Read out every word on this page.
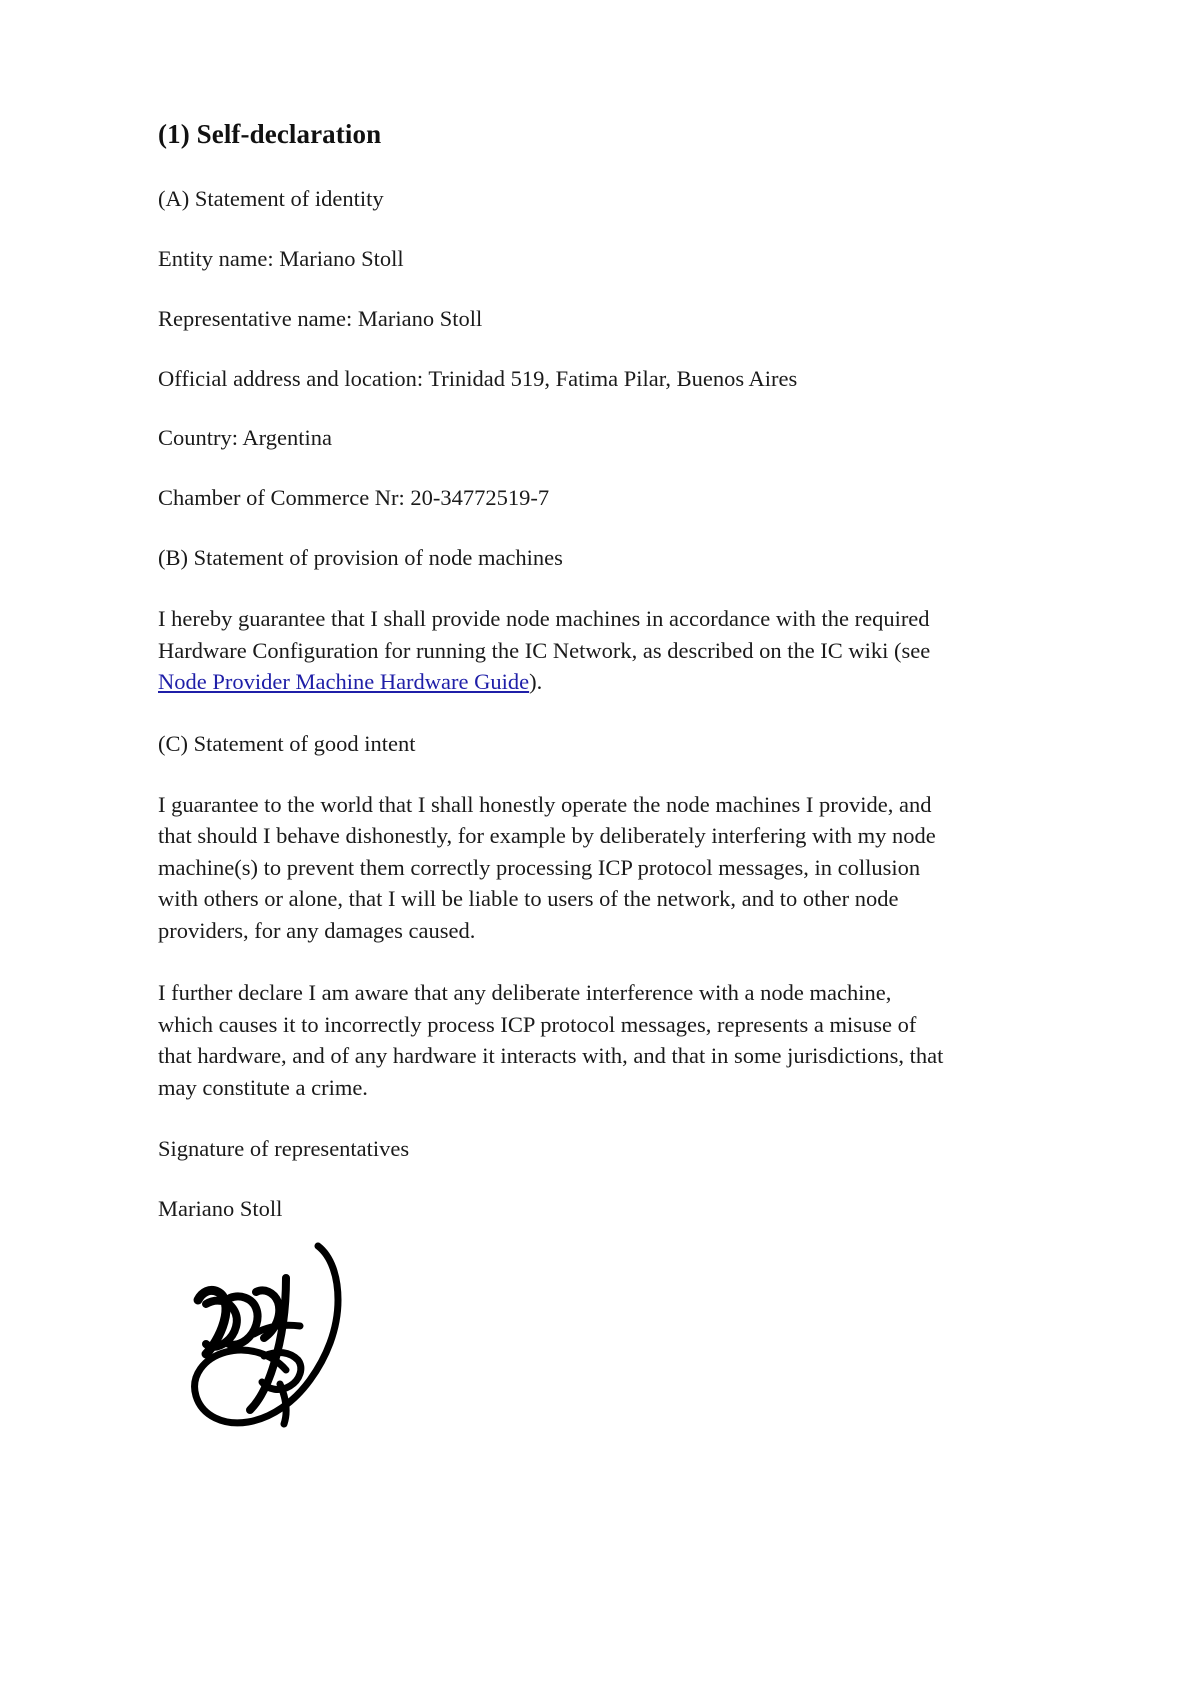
(1) Self-declaration

(A) Statement of identity

Entity name: Mariano Stoll

Representative name: Mariano Stoll

Official address and location: Trinidad 519, Fatima Pilar, Buenos Aires

Country: Argentina

Chamber of Commerce Nr: 20-34772519-7

(B) Statement of provision of node machines

I hereby guarantee that I shall provide node machines in accordance with the required Hardware Configuration for running the IC Network, as described on the IC wiki (see Node Provider Machine Hardware Guide).

(C) Statement of good intent

I guarantee to the world that I shall honestly operate the node machines I provide, and that should I behave dishonestly, for example by deliberately interfering with my node machine(s) to prevent them correctly processing ICP protocol messages, in collusion with others or alone, that I will be liable to users of the network, and to other node providers, for any damages caused.

I further declare I am aware that any deliberate interference with a node machine, which causes it to incorrectly process ICP protocol messages, represents a misuse of that hardware, and of any hardware it interacts with, and that in some jurisdictions, that may constitute a crime.

Signature of representatives

Mariano Stoll
